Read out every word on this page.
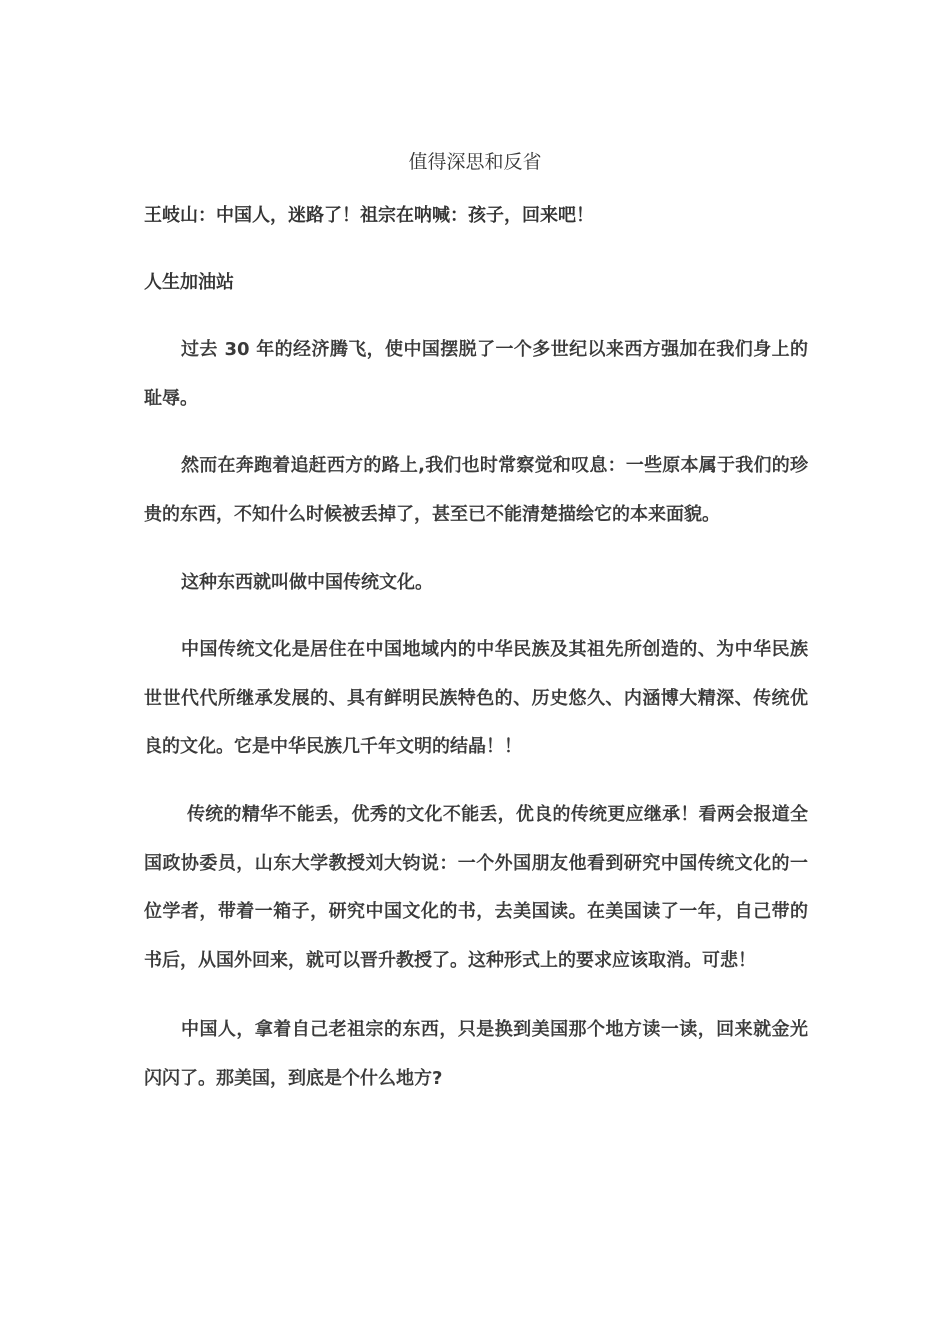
值得深思和反省
王岐山：中国人，迷路了！祖宗在呐喊：孩子，回来吧！
人生加油站

过去 30 年的经济腾飞，使中国摆脱了一个多世纪以来西方强加在我们身上的耻辱。

然而在奔跑着追赶西方的路上,我们也时常察觉和叹息：一些原本属于我们的珍贵的东西，不知什么时候被丢掉了，甚至已不能清楚描绘它的本来面貌。

这种东西就叫做中国传统文化。

中国传统文化是居住在中国地域内的中华民族及其祖先所创造的、为中华民族世世代代所继承发展的、具有鲜明民族特色的、历史悠久、内涵博大精深、传统优良的文化。它是中华民族几千年文明的结晶！！

传统的精华不能丢，优秀的文化不能丢，优良的传统更应继承！看两会报道全国政协委员，山东大学教授刘大钧说：一个外国朋友他看到研究中国传统文化的一位学者，带着一箱子，研究中国文化的书，去美国读。在美国读了一年，自己带的书后，从国外回来，就可以晋升教授了。这种形式上的要求应该取消。可悲！

中国人，拿着自己老祖宗的东西，只是换到美国那个地方读一读，回来就金光闪闪了。那美国，到底是个什么地方?
